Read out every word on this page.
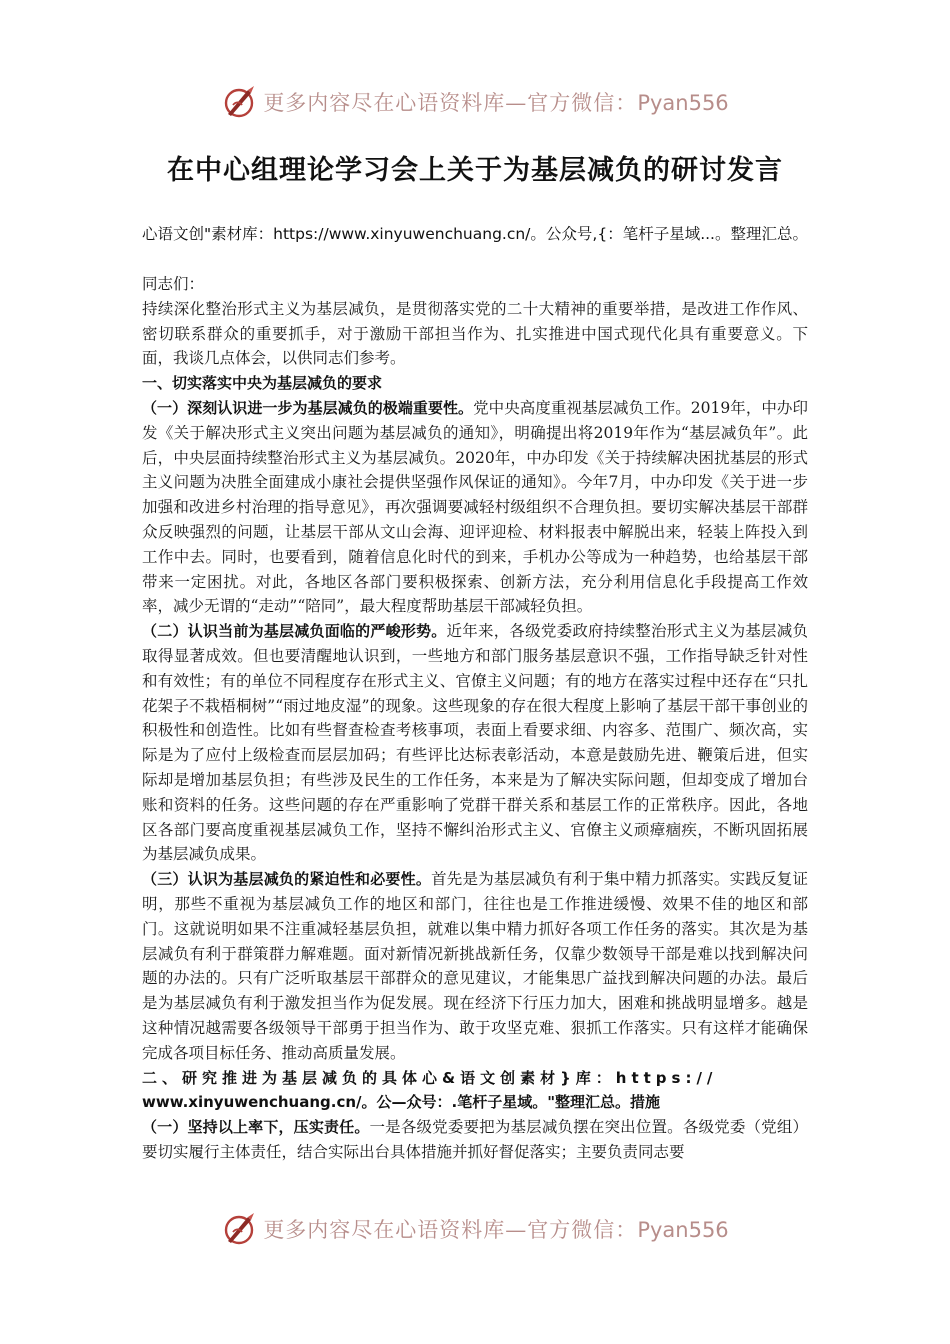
更多内容尽在心语资料库—官方微信：Pyan556
在中心组理论学习会上关于为基层减负的研讨发言
心语文创"素材库：https://www.xinyuwenchuang.cn/。公众号,{：笔杆子星域...。整理汇总。

同志们：

持续深化整治形式主义为基层减负，是贯彻落实党的二十大精神的重要举措，是改进工作作风、密切联系群众的重要抓手，对于激励干部担当作为、扎实推进中国式现代化具有重要意义。下面，我谈几点体会，以供同志们参考。

一、切实落实中央为基层减负的要求

（一）深刻认识进一步为基层减负的极端重要性。党中央高度重视基层减负工作。2019年，中办印发《关于解决形式主义突出问题为基层减负的通知》，明确提出将2019年作为“基层减负年”。此后，中央层面持续整治形式主义为基层减负。2020年，中办印发《关于持续解决困扰基层的形式主义问题为决胜全面建成小康社会提供坚强作风保证的通知》。今年7月，中办印发《关于进一步加强和改进乡村治理的指导意见》，再次强调要减轻村级组织不合理负担。要切实解决基层干部群众反映强烈的问题，让基层干部从文山会海、迎评迎检、材料报表中解脱出来，轻装上阵投入到工作中去。同时，也要看到，随着信息化时代的到来，手机办公等成为一种趋势，也给基层干部带来一定困扰。对此，各地区各部门要积极探索、创新方法，充分利用信息化手段提高工作效率，减少无谓的“走动”“陪同”，最大程度帮助基层干部减轻负担。

（二）认识当前为基层减负面临的严峻形势。近年来，各级党委政府持续整治形式主义为基层减负取得显著成效。但也要清醒地认识到，一些地方和部门服务基层意识不强，工作指导缺乏针对性和有效性；有的单位不同程度存在形式主义、官僚主义问题；有的地方在落实过程中还存在“只扎花架子不栽梧桐树”“雨过地皮湿”的现象。这些现象的存在很大程度上影响了基层干部干事创业的积极性和创造性。比如有些督查检查考核事项，表面上看要求细、内容多、范围广、频次高，实际是为了应付上级检查而层层加码；有些评比达标表彰活动，本意是鼓励先进、鞭策后进，但实际却是增加基层负担；有些涉及民生的工作任务，本来是为了解决实际问题，但却变成了增加台账和资料的任务。这些问题的存在严重影响了党群干群关系和基层工作的正常秩序。因此，各地区各部门要高度重视基层减负工作，坚持不懈纠治形式主义、官僚主义顽瘴痼疾，不断巩固拓展为基层减负成果。

（三）认识为基层减负的紧迫性和必要性。首先是为基层减负有利于集中精力抓落实。实践反复证明，那些不重视为基层减负工作的地区和部门，往往也是工作推进缓慢、效果不佳的地区和部门。这就说明如果不注重减轻基层负担，就难以集中精力抓好各项工作任务的落实。其次是为基层减负有利于群策群力解难题。面对新情况新挑战新任务，仅靠少数领导干部是难以找到解决问题的办法的。只有广泛听取基层干部群众的意见建议，才能集思广益找到解决问题的办法。最后是为基层减负有利于激发担当作为促发展。现在经济下行压力加大，困难和挑战明显增多。越是这种情况越需要各级领导干部勇于担当作为、敢于攻坚克难、狠抓工作落实。只有这样才能确保完成各项目标任务、推动高质量发展。

二、研究推进为基层减负的具体心&语文创素材}库：https://
www.xinyuwenchuang.cn/。公—众号：.笔杆子星域。"整理汇总。措施

（一）坚持以上率下，压实责任。一是各级党委要把为基层减负摆在突出位置。各级党委（党组）要切实履行主体责任，结合实际出台具体措施并抓好督促落实；主要负责同志要

更多内容尽在心语资料库—官方微信：Pyan556
